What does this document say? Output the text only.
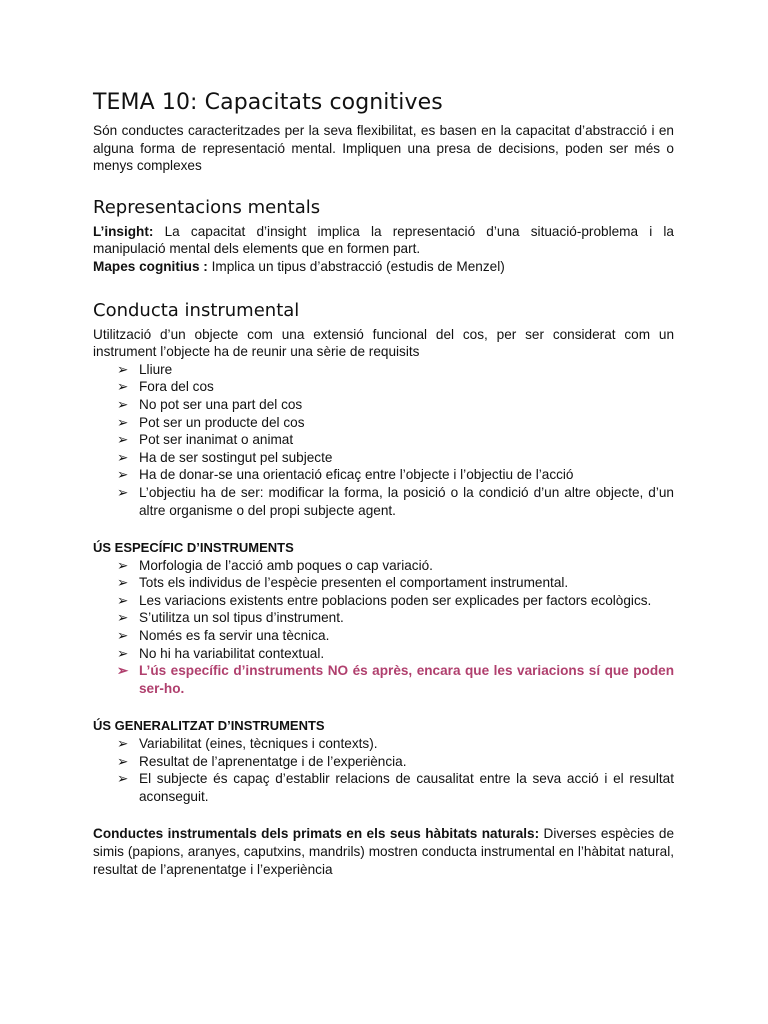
TEMA 10: Capacitats cognitives

Són conductes caracteritzades per la seva flexibilitat, es basen en la capacitat d’abstracció i en alguna forma de representació mental. Impliquen una presa de decisions, poden ser més o menys complexes

Representacions mentals

L’insight: La capacitat d’insight implica la representació d’una situació-problema i la manipulació mental dels elements que en formen part.

Mapes cognitius : Implica un tipus d’abstracció (estudis de Menzel)

Conducta instrumental

Utilització d’un objecte com una extensió funcional del cos, per ser considerat com un instrument l’objecte ha de reunir una sèrie de requisits

➢ Lliure
➢ Fora del cos
➢ No pot ser una part del cos
➢ Pot ser un producte del cos
➢ Pot ser inanimat o animat
➢ Ha de ser sostingut pel subjecte
➢ Ha de donar-se una orientació eficaç entre l’objecte i l’objectiu de l’acció
➢ L’objectiu ha de ser: modificar la forma, la posició o la condició d’un altre objecte, d’un altre organisme o del propi subjecte agent.

ÚS ESPECÍFIC D’INSTRUMENTS

➢ Morfologia de l’acció amb poques o cap variació.
➢ Tots els individus de l’espècie presenten el comportament instrumental.
➢ Les variacions existents entre poblacions poden ser explicades per factors ecològics.
➢ S’utilitza un sol tipus d’instrument.
➢ Només es fa servir una tècnica.
➢ No hi ha variabilitat contextual.
➢ L’ús específic d’instruments NO és après, encara que les variacions sí que poden ser-ho.

ÚS GENERALITZAT D’INSTRUMENTS

➢ Variabilitat (eines, tècniques i contexts).
➢ Resultat de l’aprenentatge i de l’experiència.
➢ El subjecte és capaç d’establir relacions de causalitat entre la seva acció i el resultat aconseguit.

Conductes instrumentals dels primats en els seus hàbitats naturals: Diverses espècies de simis (papions, aranyes, caputxins, mandrils) mostren conducta instrumental en l’hàbitat natural, resultat de l’aprenentatge i l’experiència
